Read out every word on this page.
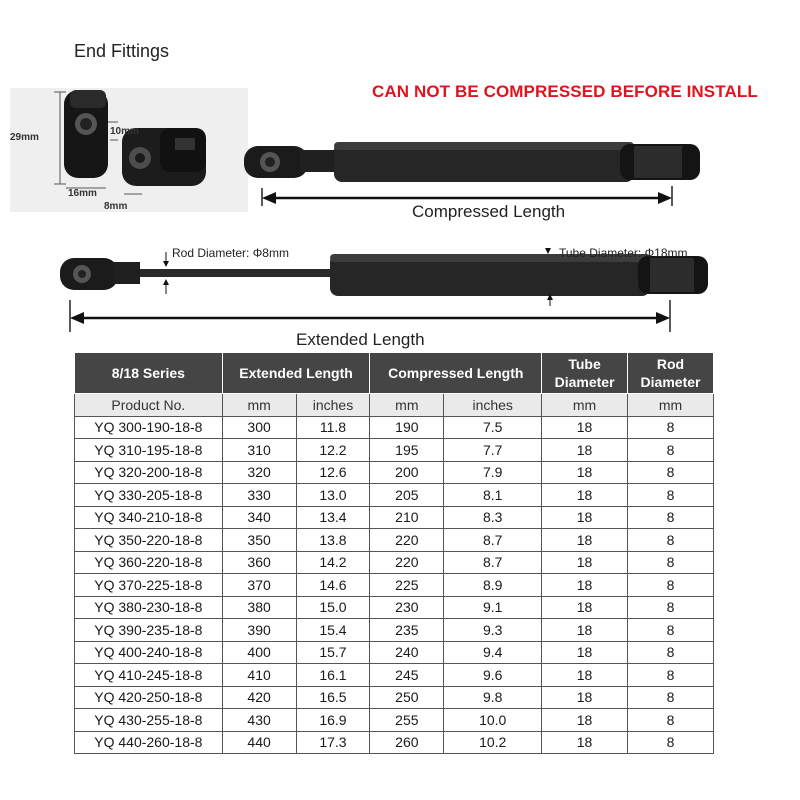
End Fittings
CAN NOT BE COMPRESSED BEFORE INSTALL
29mm
16mm
10mm
8mm	Compressed Length
Rod Diameter: Φ8mm	Tube Diameter: Φ18mm
Extended Length
8/18 Series	Extended Length		Compressed Length		Tube Diameter	Rod Diameter
Product No.	mm	inches	mm	inches	mm	mm
YQ 300-190-18-8	300	11.8	190	7.5	18	8
YQ 310-195-18-8	310	12.2	195	7.7	18	8
YQ 320-200-18-8	320	12.6	200	7.9	18	8
YQ 330-205-18-8	330	13.0	205	8.1	18	8
YQ 340-210-18-8	340	13.4	210	8.3	18	8
YQ 350-220-18-8	350	13.8	220	8.7	18	8
YQ 360-220-18-8	360	14.2	220	8.7	18	8
YQ 370-225-18-8	370	14.6	225	8.9	18	8
YQ 380-230-18-8	380	15.0	230	9.1	18	8
YQ 390-235-18-8	390	15.4	235	9.3	18	8
YQ 400-240-18-8	400	15.7	240	9.4	18	8
YQ 410-245-18-8	410	16.1	245	9.6	18	8
YQ 420-250-18-8	420	16.5	250	9.8	18	8
YQ 430-255-18-8	430	16.9	255	10.0	18	8
YQ 440-260-18-8	440	17.3	260	10.2	18	8
